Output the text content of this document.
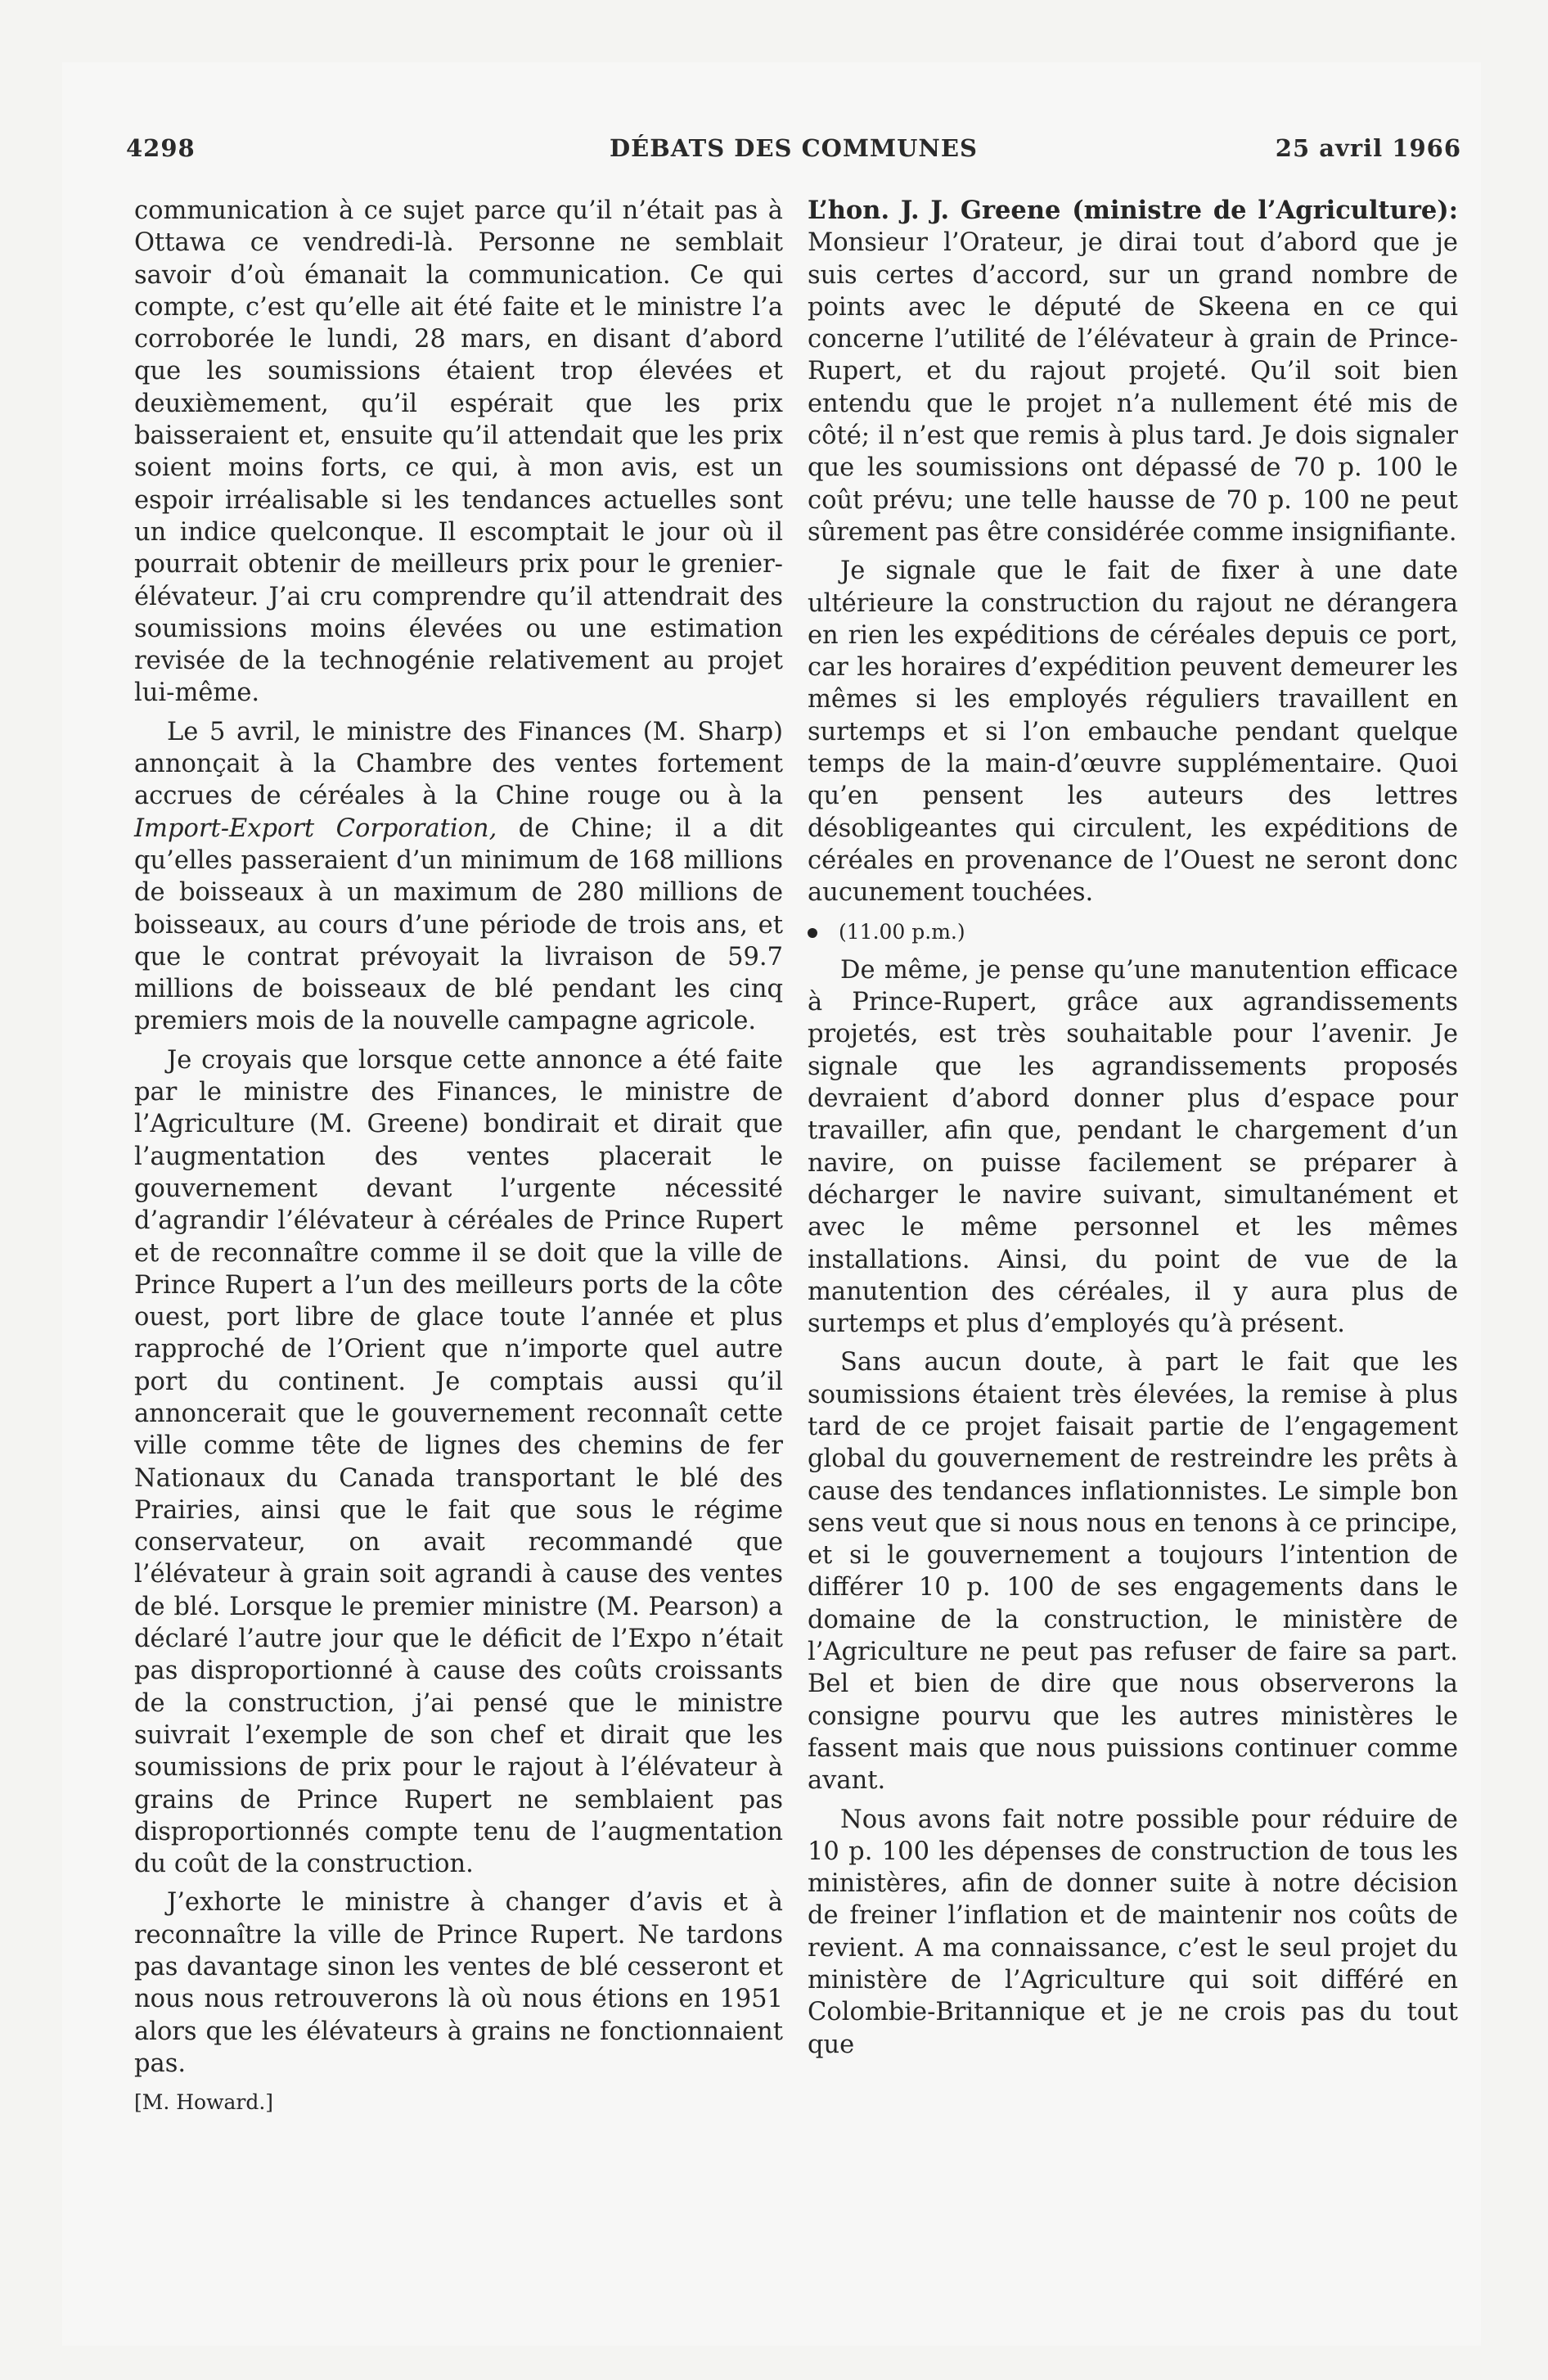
4298	DÉBATS DES COMMUNES	25 avril 1966

communication à ce sujet parce qu’il n’était pas à Ottawa ce vendredi-là. Personne ne semblait savoir d’où émanait la communication. Ce qui compte, c’est qu’elle ait été faite et le ministre l’a corroborée le lundi, 28 mars, en disant d’abord que les soumissions étaient trop élevées et deuxièmement, qu’il espérait que les prix baisseraient et, ensuite qu’il attendait que les prix soient moins forts, ce qui, à mon avis, est un espoir irréalisable si les tendances actuelles sont un indice quelconque. Il escomptait le jour où il pourrait obtenir de meilleurs prix pour le grenier-élévateur. J’ai cru comprendre qu’il attendrait des soumissions moins élevées ou une estimation revisée de la technogénie relativement au projet lui-même.

Le 5 avril, le ministre des Finances (M. Sharp) annonçait à la Chambre des ventes fortement accrues de céréales à la Chine rouge ou à la Import-Export Corporation, de Chine; il a dit qu’elles passeraient d’un minimum de 168 millions de boisseaux à un maximum de 280 millions de boisseaux, au cours d’une période de trois ans, et que le contrat prévoyait la livraison de 59.7 millions de boisseaux de blé pendant les cinq premiers mois de la nouvelle campagne agricole.

Je croyais que lorsque cette annonce a été faite par le ministre des Finances, le ministre de l’Agriculture (M. Greene) bondirait et dirait que l’augmentation des ventes placerait le gouvernement devant l’urgente nécessité d’agrandir l’élévateur à céréales de Prince Rupert et de reconnaître comme il se doit que la ville de Prince Rupert a l’un des meilleurs ports de la côte ouest, port libre de glace toute l’année et plus rapproché de l’Orient que n’importe quel autre port du continent. Je comptais aussi qu’il annoncerait que le gouvernement reconnaît cette ville comme tête de lignes des chemins de fer Nationaux du Canada transportant le blé des Prairies, ainsi que le fait que sous le régime conservateur, on avait recommandé que l’élévateur à grain soit agrandi à cause des ventes de blé. Lorsque le premier ministre (M. Pearson) a déclaré l’autre jour que le déficit de l’Expo n’était pas disproportionné à cause des coûts croissants de la construction, j’ai pensé que le ministre suivrait l’exemple de son chef et dirait que les soumissions de prix pour le rajout à l’élévateur à grains de Prince Rupert ne semblaient pas disproportionnés compte tenu de l’augmentation du coût de la construction.

J’exhorte le ministre à changer d’avis et à reconnaître la ville de Prince Rupert. Ne tardons pas davantage sinon les ventes de blé cesseront et nous nous retrouverons là où nous étions en 1951 alors que les élévateurs à grains ne fonctionnaient pas.

[M. Howard.]

L’hon. J. J. Greene (ministre de l’Agriculture): Monsieur l’Orateur, je dirai tout d’abord que je suis certes d’accord, sur un grand nombre de points avec le député de Skeena en ce qui concerne l’utilité de l’élévateur à grain de Prince-Rupert, et du rajout projeté. Qu’il soit bien entendu que le projet n’a nullement été mis de côté; il n’est que remis à plus tard. Je dois signaler que les soumissions ont dépassé de 70 p. 100 le coût prévu; une telle hausse de 70 p. 100 ne peut sûrement pas être considérée comme insignifiante.

Je signale que le fait de fixer à une date ultérieure la construction du rajout ne dérangera en rien les expéditions de céréales depuis ce port, car les horaires d’expédition peuvent demeurer les mêmes si les employés réguliers travaillent en surtemps et si l’on embauche pendant quelque temps de la main-d’œuvre supplémentaire. Quoi qu’en pensent les auteurs des lettres désobligeantes qui circulent, les expéditions de céréales en provenance de l’Ouest ne seront donc aucunement touchées.

(11.00 p.m.)

De même, je pense qu’une manutention efficace à Prince-Rupert, grâce aux agrandissements projetés, est très souhaitable pour l’avenir. Je signale que les agrandissements proposés devraient d’abord donner plus d’espace pour travailler, afin que, pendant le chargement d’un navire, on puisse facilement se préparer à décharger le navire suivant, simultanément et avec le même personnel et les mêmes installations. Ainsi, du point de vue de la manutention des céréales, il y aura plus de surtemps et plus d’employés qu’à présent.

Sans aucun doute, à part le fait que les soumissions étaient très élevées, la remise à plus tard de ce projet faisait partie de l’engagement global du gouvernement de restreindre les prêts à cause des tendances inflationnistes. Le simple bon sens veut que si nous nous en tenons à ce principe, et si le gouvernement a toujours l’intention de différer 10 p. 100 de ses engagements dans le domaine de la construction, le ministère de l’Agriculture ne peut pas refuser de faire sa part. Bel et bien de dire que nous observerons la consigne pourvu que les autres ministères le fassent mais que nous puissions continuer comme avant.

Nous avons fait notre possible pour réduire de 10 p. 100 les dépenses de construction de tous les ministères, afin de donner suite à notre décision de freiner l’inflation et de maintenir nos coûts de revient. A ma connaissance, c’est le seul projet du ministère de l’Agriculture qui soit différé en Colombie-Britannique et je ne crois pas du tout que
